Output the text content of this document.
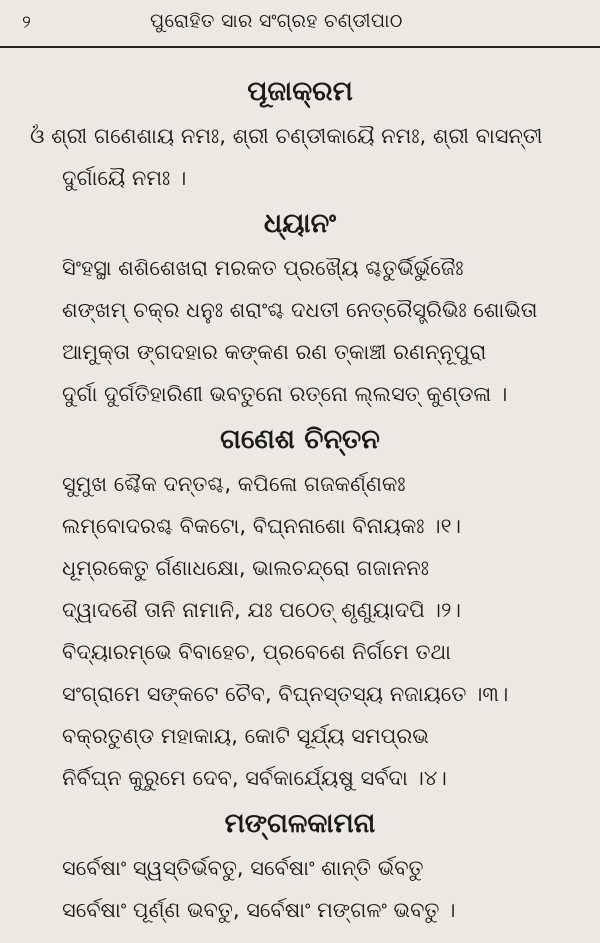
୨	ପୁରୋହିତ ସାର ସଂଗ୍ରହ ଚଣ୍ଡୀପାଠ
ପୂଜାକ୍ରମ

ଓଁ ଶ୍ରୀ ଗଣେଶାୟ ନମଃ, ଶ୍ରୀ ଚଣ୍ଡୀକାୟୈ ନମଃ, ଶ୍ରୀ ବାସନ୍ତୀ

ଦୁର୍ଗାୟୈ ନମଃ ।

ଧ୍ୟାନଂ

ସିଂହସ୍ଥା ଶଶିଶେଖରା ମରକତ ପ୍ରଖ୍ୟୈ ଶ୍ଚତୁର୍ଭିର୍ଭୁଜୈଃ

ଶଙ୍ଖମ୍ ଚକ୍ର ଧନୁଃ ଶରାଂଶ୍ଚ ଦଧତୀ ନେତ୍ରୈସ୍ତ୍ରିଭିଃ ଶୋଭିତା

ଆମୁକ୍ତା ଙ୍ଗଦହାର କଙ୍କଣ ରଣ ତ୍କାଞ୍ଚୀ ରଣନ୍ନୂପୁରା

ଦୁର୍ଗା ଦୁର୍ଗତିହାରିଣୀ ଭବତୁନୋ ରତ୍ନୋ ଲ୍ଲସତ୍ କୁଣ୍ଡଳା ।

ଗଣେଶ ଚିନ୍ତନ

ସୁମୁଖ ଶ୍ଚୈକ ଦନ୍ତଶ୍ଚ, କପିଳୋ ଗଜକର୍ଣ୍ଣକଃ

ଲମ୍ବୋଦରଶ୍ଚ ବିକଟୋ, ବିଘ୍ନନାଶୋ ବିନାୟକଃ ।୧।

ଧୂମ୍ରକେତୁ ର୍ଗଣାଧକ୍ଷୋ, ଭାଲଚନ୍ଦ୍ରୋ ଗଜାନନଃ

ଦ୍ୱାଦଶୈ ତାନି ନାମାନି, ଯଃ ପଠେତ୍ ଶୃଣୁୟାଦପି ।୨।

ବିଦ୍ୟାରମ୍ଭେ ବିବାହେଚ, ପ୍ରବେଶେ ନିର୍ଗମେ ତଥା

ସଂଗ୍ରାମେ ସଙ୍କଟେ ଚୈବ, ବିଘ୍ନସ୍ତସ୍ୟ ନଜାୟତେ ।୩।

ବକ୍ରତୁଣ୍ଡ ମହାକାୟ, କୋଟି ସୂର୍ଯ୍ୟ ସମପ୍ରଭ

ନିର୍ବିଘ୍ନ କୁରୁମେ ଦେବ, ସର୍ବକାର୍ଯ୍ୟେଷୁ ସର୍ବଦା ।୪।

ମଙ୍ଗଳକାମନା

ସର୍ବେଷାଂ ସ୍ୱସ୍ତିର୍ଭବତୁ, ସର୍ବେଷାଂ ଶାନ୍ତି ର୍ଭବତୁ

ସର୍ବେଷାଂ ପୂର୍ଣ୍ଣ ଭବତୁ, ସର୍ବେଷାଂ ମଙ୍ଗଳଂ ଭବତୁ ।
